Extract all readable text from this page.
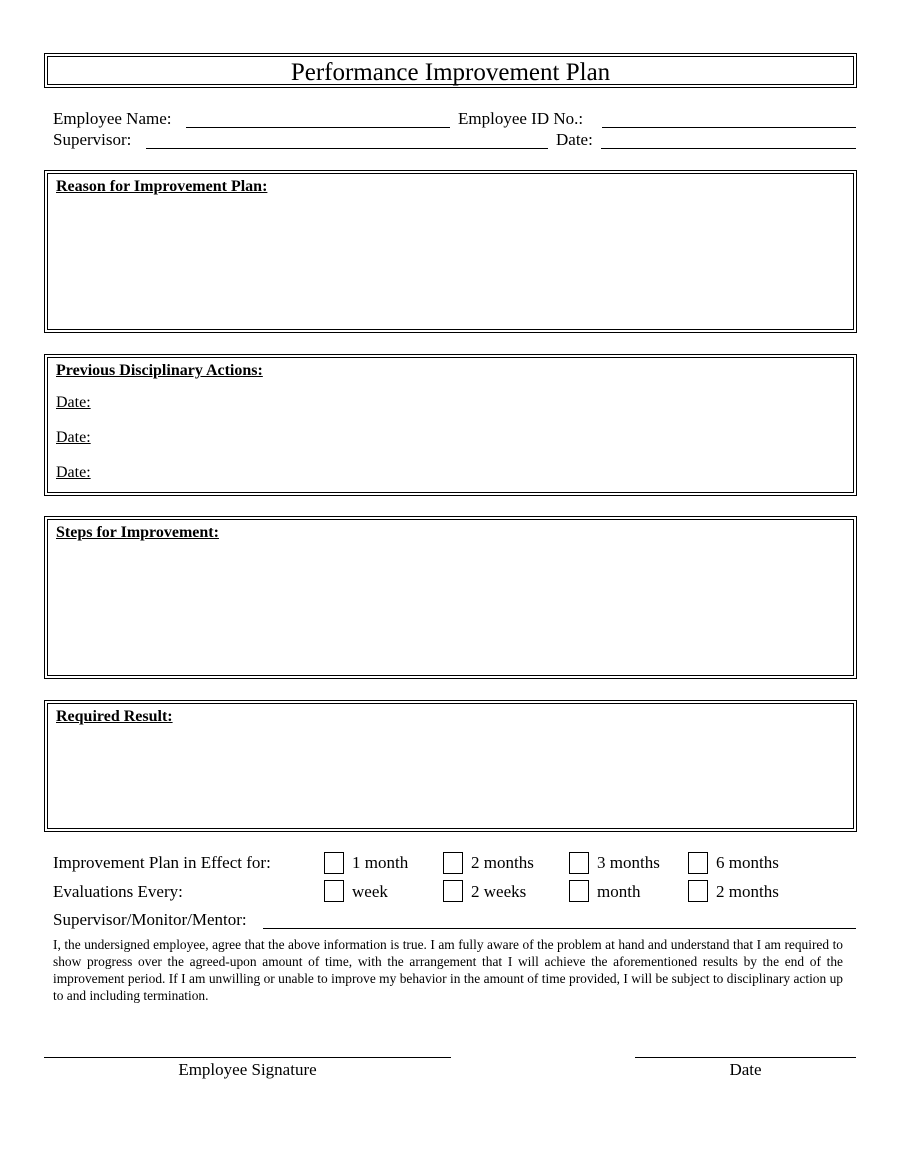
Performance Improvement Plan
Employee Name:	Employee ID No.:
Supervisor:	Date:
Reason for Improvement Plan:
Previous Disciplinary Actions:
Date:
Date:
Date:
Steps for Improvement:
Required Result:
Improvement Plan in Effect for:	1 month	2 months	3 months	6 months
Evaluations Every:	week	2 weeks	month	2 months
Supervisor/Monitor/Mentor:
I, the undersigned employee, agree that the above information is true. I am fully aware of the problem at hand and understand that I am required to show progress over the agreed-upon amount of time, with the arrangement that I will achieve the aforementioned results by the end of the improvement period. If I am unwilling or unable to improve my behavior in the amount of time provided, I will be subject to disciplinary action up to and including termination.
Employee Signature	Date
